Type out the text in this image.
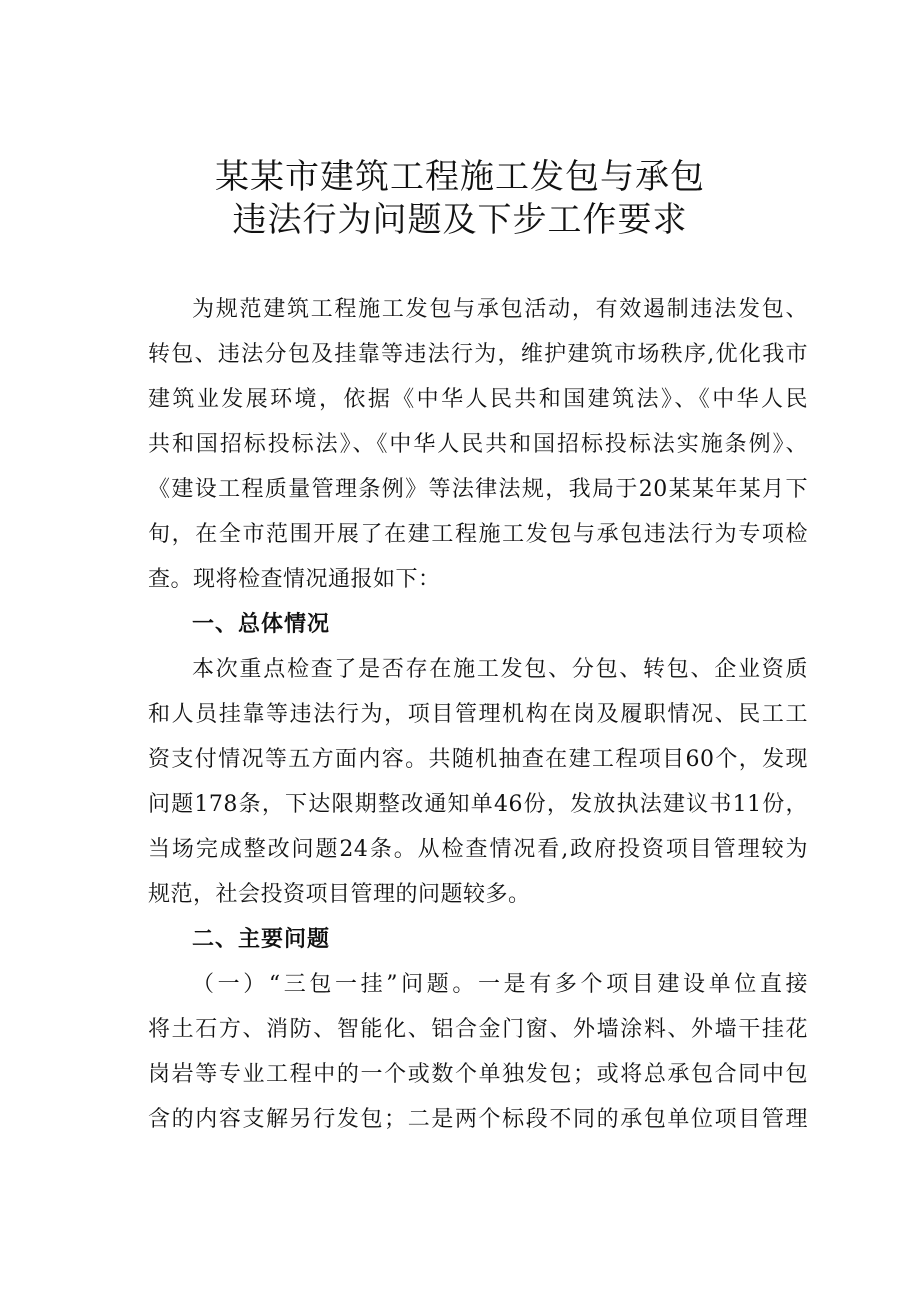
某某市建筑工程施工发包与承包
违法行为问题及下步工作要求
为规范建筑工程施工发包与承包活动，有效遏制违法发包、
转包、违法分包及挂靠等违法行为，维护建筑市场秩序,优化我市
建筑业发展环境，依据《中华人民共和国建筑法》、《中华人民
共和国招标投标法》、《中华人民共和国招标投标法实施条例》、
《建设工程质量管理条例》等法律法规，我局于20某某年某月下
旬，在全市范围开展了在建工程施工发包与承包违法行为专项检
查。现将检查情况通报如下：
一、总体情况
本次重点检查了是否存在施工发包、分包、转包、企业资质
和人员挂靠等违法行为，项目管理机构在岗及履职情况、民工工
资支付情况等五方面内容。共随机抽查在建工程项目60个，发现
问题178条，下达限期整改通知单46份，发放执法建议书11份，
当场完成整改问题24条。从检查情况看,政府投资项目管理较为
规范，社会投资项目管理的问题较多。
二、主要问题
（一）“三包一挂”问题。一是有多个项目建设单位直接
将土石方、消防、智能化、铝合金门窗、外墙涂料、外墙干挂花
岗岩等专业工程中的一个或数个单独发包；或将总承包合同中包
含的内容支解另行发包；二是两个标段不同的承包单位项目管理
